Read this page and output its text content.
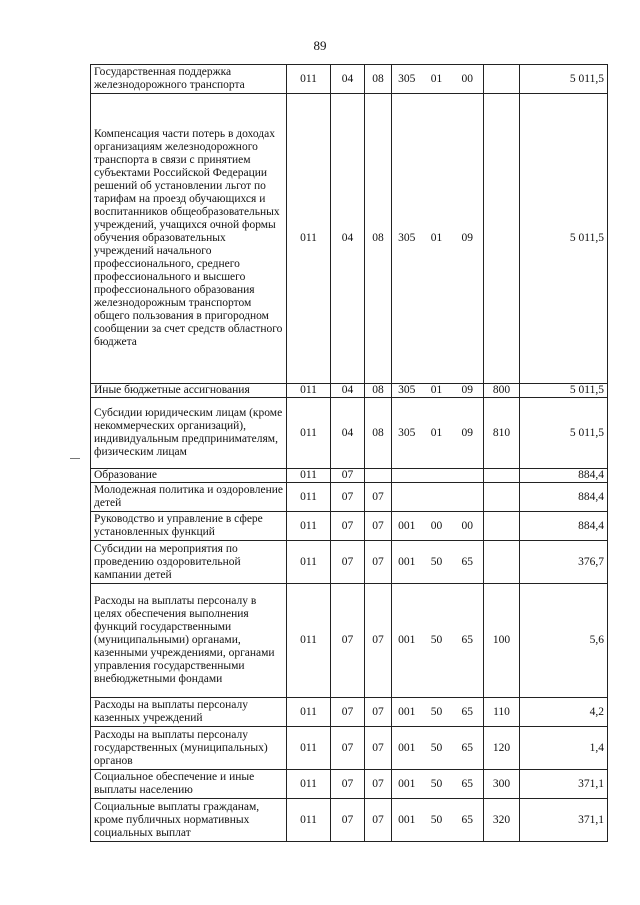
89
Государственная поддержка железнодорожного транспорта	011	04	08	305	01	00		5 011,5
Компенсация части потерь в доходах организациям железнодорожного транспорта в связи с принятием субъектами Российской Федерации решений об установлении льгот по тарифам на проезд обучающихся и воспитанников общеобразовательных учреждений, учащихся очной формы обучения образовательных учреждений начального профессионального, среднего профессионального и высшего профессионального образования железнодорожным транспортом общего пользования в пригородном сообщении за счет средств областного бюджета	011	04	08	305	01	09		5 011,5
Иные бюджетные ассигнования	011	04	08	305	01	09	800	5 011,5
Субсидии юридическим лицам (кроме некоммерческих организаций), индивидуальным предпринимателям, физическим лицам	011	04	08	305	01	09	810	5 011,5
Образование	011	07						884,4
Молодежная политика и оздоровление детей	011	07	07					884,4
Руководство и управление в сфере установленных функций	011	07	07	001	00	00		884,4
Субсидии на мероприятия по проведению оздоровительной кампании детей	011	07	07	001	50	65		376,7
Расходы на выплаты персоналу в целях обеспечения выполнения функций государственными (муниципальными) органами, казенными учреждениями, органами управления государственными внебюджетными фондами	011	07	07	001	50	65	100	5,6
Расходы на выплаты персоналу казенных учреждений	011	07	07	001	50	65	110	4,2
Расходы на выплаты персоналу государственных (муниципальных) органов	011	07	07	001	50	65	120	1,4
Социальное обеспечение и иные выплаты населению	011	07	07	001	50	65	300	371,1
Социальные выплаты гражданам, кроме публичных нормативных социальных выплат	011	07	07	001	50	65	320	371,1
